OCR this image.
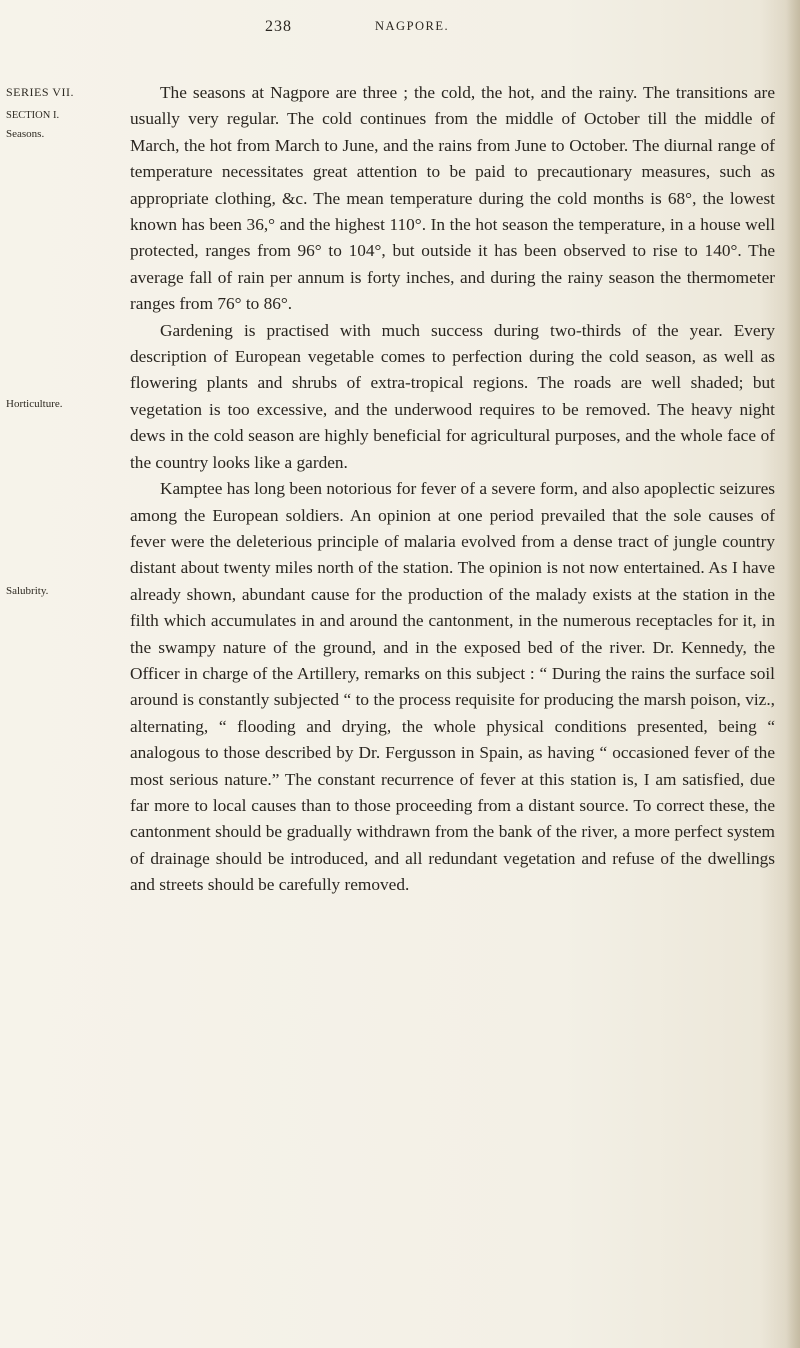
238	NAGPORE.
SERIES VII.
SECTION I.
Seasons.
Horticulture.
Salubrity.

The seasons at Nagpore are three ; the cold, the hot, and the rainy. The transitions are usually very regular. The cold continues from the middle of October till the middle of March, the hot from March to June, and the rains from June to October. The diurnal range of temperature necessitates great attention to be paid to precautionary measures, such as appropriate clothing, &c. The mean temperature during the cold months is 68°, the lowest known has been 36,° and the highest 110°. In the hot season the temperature, in a house well protected, ranges from 96° to 104°, but outside it has been observed to rise to 140°. The average fall of rain per annum is forty inches, and during the rainy season the thermometer ranges from 76° to 86°.

Gardening is practised with much success during two-thirds of the year. Every description of European vegetable comes to perfection during the cold season, as well as flowering plants and shrubs of extra-tropical regions. The roads are well shaded; but vegetation is too excessive, and the underwood requires to be removed. The heavy night dews in the cold season are highly beneficial for agricultural purposes, and the whole face of the country looks like a garden.

Kamptee has long been notorious for fever of a severe form, and also apoplectic seizures among the European soldiers. An opinion at one period prevailed that the sole causes of fever were the deleterious principle of malaria evolved from a dense tract of jungle country distant about twenty miles north of the station. The opinion is not now entertained. As I have already shown, abundant cause for the production of the malady exists at the station in the filth which accumulates in and around the cantonment, in the numerous receptacles for it, in the swampy nature of the ground, and in the exposed bed of the river. Dr. Kennedy, the Officer in charge of the Artillery, remarks on this subject : “ During the rains the surface soil around is constantly subjected “ to the process requisite for producing the marsh poison, viz., alternating, “ flooding and drying, the whole physical conditions presented, being “ analogous to those described by Dr. Fergusson in Spain, as having “ occasioned fever of the most serious nature.” The constant recurrence of fever at this station is, I am satisfied, due far more to local causes than to those proceeding from a distant source. To correct these, the cantonment should be gradually withdrawn from the bank of the river, a more perfect system of drainage should be introduced, and all redundant vegetation and refuse of the dwellings and streets should be carefully removed.
